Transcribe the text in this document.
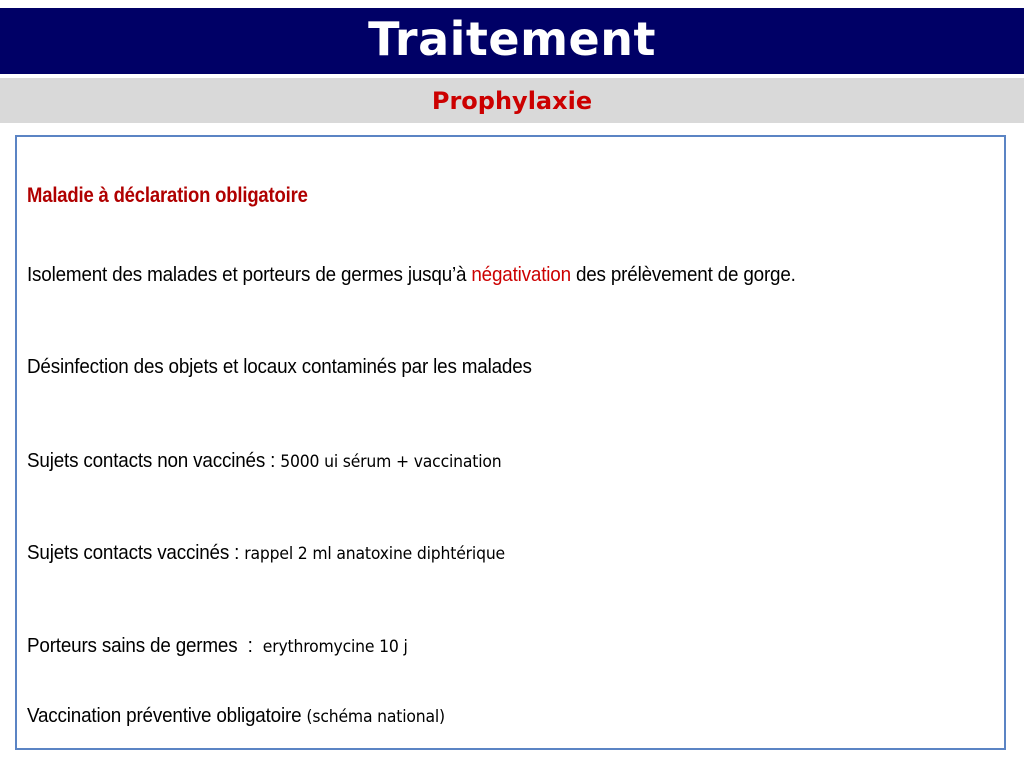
Traitement
Prophylaxie
Maladie à déclaration obligatoire
Isolement des malades et porteurs de germes jusqu’à négativation des prélèvement de gorge.
Désinfection des objets et locaux contaminés par les malades
Sujets contacts non vaccinés : 5000 ui sérum + vaccination
Sujets contacts vaccinés : rappel 2 ml anatoxine diphtérique
Porteurs sains de germes  :  erythromycine 10 j
Vaccination préventive obligatoire (schéma national)
